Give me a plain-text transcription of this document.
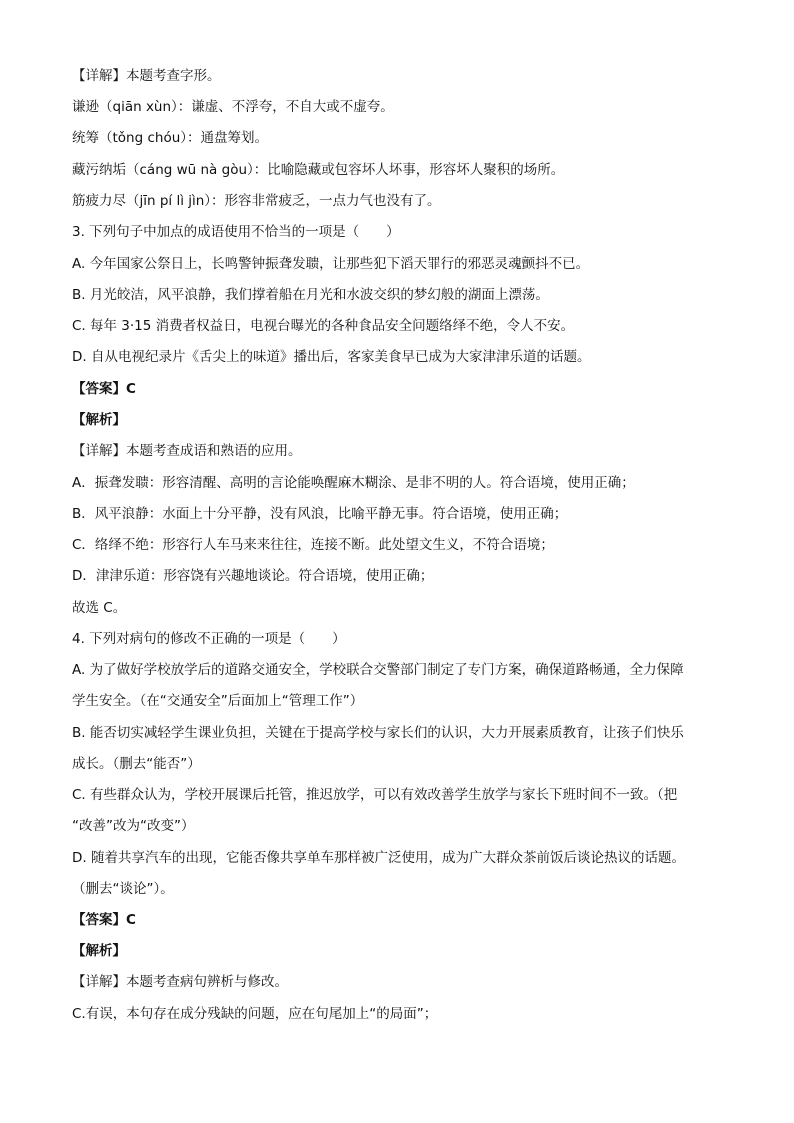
【详解】本题考查字形。
谦逊（qiān xùn）：谦虚、不浮夸，不自大或不虚夸。
统筹（tǒng chóu）：通盘筹划。
藏污纳垢（cáng wū nà gòu）：比喻隐藏或包容坏人坏事，形容坏人聚积的场所。
筋疲力尽（jīn pí lì jìn）：形容非常疲乏，一点力气也没有了。
3. 下列句子中加点的成语使用不恰当的一项是（　　）
A. 今年国家公祭日上，长鸣警钟振聋发聩，让那些犯下滔天罪行的邪恶灵魂颤抖不已。
B. 月光皎洁，风平浪静，我们撑着船在月光和水波交织的梦幻般的湖面上漂荡。
C. 每年 3·15 消费者权益日，电视台曝光的各种食品安全问题络绎不绝，令人不安。
D. 自从电视纪录片《舌尖上的味道》播出后，客家美食早已成为大家津津乐道的话题。
【答案】C
【解析】
【详解】本题考查成语和熟语的应用。
A．振聋发聩：形容清醒、高明的言论能唤醒麻木糊涂、是非不明的人。符合语境，使用正确；
B．风平浪静：水面上十分平静，没有风浪，比喻平静无事。符合语境，使用正确；
C．络绎不绝：形容行人车马来来往往，连接不断。此处望文生义，不符合语境；
D．津津乐道：形容饶有兴趣地谈论。符合语境，使用正确；
故选 C。
4. 下列对病句的修改不正确的一项是（　　）
A. 为了做好学校放学后的道路交通安全，学校联合交警部门制定了专门方案，确保道路畅通，全力保障
学生安全。（在“交通安全”后面加上“管理工作”）
B. 能否切实减轻学生课业负担，关键在于提高学校与家长们的认识，大力开展素质教育，让孩子们快乐
成长。（删去“能否”）
C. 有些群众认为，学校开展课后托管，推迟放学，可以有效改善学生放学与家长下班时间不一致。（把
“改善”改为“改变”）
D. 随着共享汽车的出现，它能否像共享单车那样被广泛使用，成为广大群众茶前饭后谈论热议的话题。
（删去“谈论”）。
【答案】C
【解析】
【详解】本题考查病句辨析与修改。
C.有误，本句存在成分残缺的问题，应在句尾加上“的局面”；
